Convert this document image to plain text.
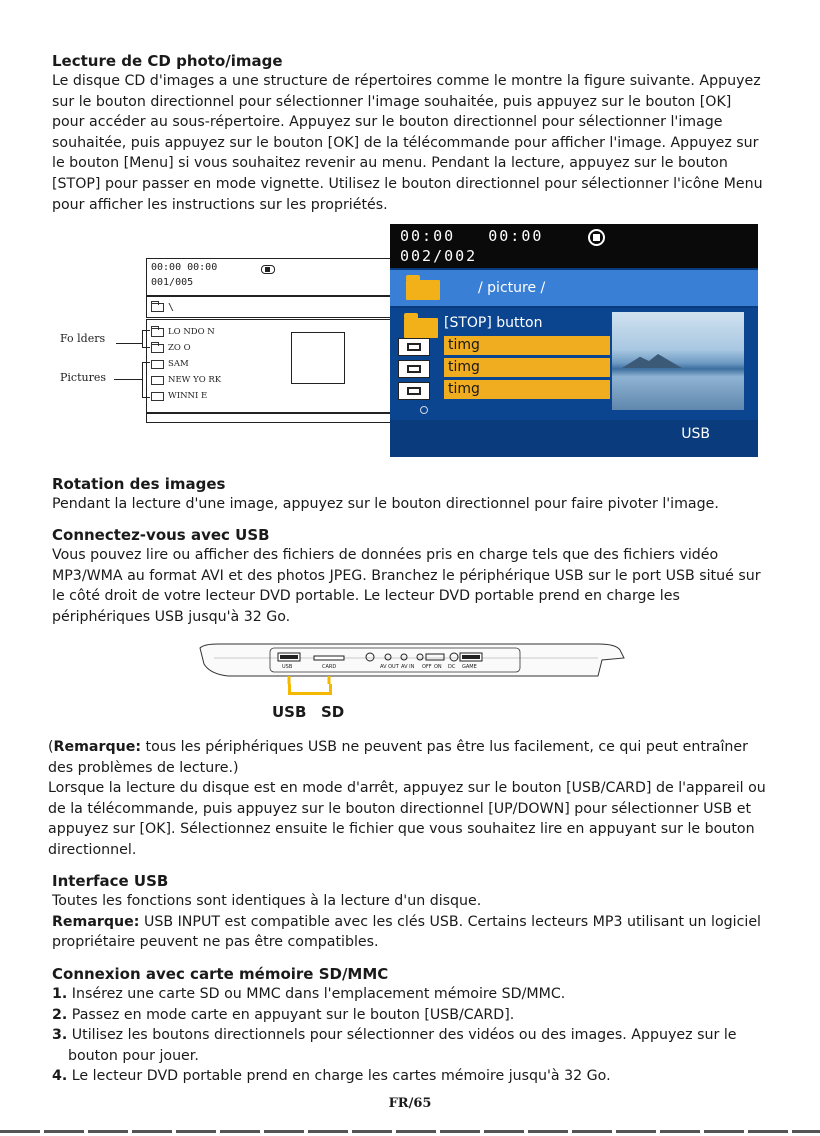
Lecture de CD photo/image

Le disque CD d'images a une structure de répertoires comme le montre la figure suivante. Appuyez sur le bouton directionnel pour sélectionner l'image souhaitée, puis appuyez sur le bouton [OK] pour accéder au sous-répertoire. Appuyez sur le bouton directionnel pour sélectionner l'image souhaitée, puis appuyez sur le bouton [OK] de la télécommande pour afficher l'image. Appuyez sur le bouton [Menu] si vous souhaitez revenir au menu. Pendant la lecture, appuyez sur le bouton [STOP] pour passer en mode vignette. Utilisez le bouton directionnel pour sélectionner l'icône Menu pour afficher les instructions sur les propriétés.

00:00 00:00
001/005
\
LO NDO N
ZO O
SAM
NEW YO RK
WINNI E
Fo lders
Pictures
00:00   00:00
002/002
/ picture /
[STOP] button
timg
timg
timg
USB
Rotation des images

Pendant la lecture d'une image, appuyez sur le bouton directionnel pour faire pivoter l'image.

Connectez-vous avec USB

Vous pouvez lire ou afficher des fichiers de données pris en charge tels que des fichiers vidéo MP3/WMA au format AVI et des photos JPEG. Branchez le périphérique USB sur le port USB situé sur le côté droit de votre lecteur DVD portable. Le lecteur DVD portable prend en charge les périphériques USB jusqu'à 32 Go.

USB	CARD	AV OUT AV IN OFF ON DC GAME
USB SD

(Remarque: tous les périphériques USB ne peuvent pas être lus facilement, ce qui peut entraîner des problèmes de lecture.)

Lorsque la lecture du disque est en mode d'arrêt, appuyez sur le bouton [USB/CARD] de l'appareil ou de la télécommande, puis appuyez sur le bouton directionnel [UP/DOWN] pour sélectionner USB et appuyez sur [OK]. Sélectionnez ensuite le fichier que vous souhaitez lire en appuyant sur le bouton directionnel.

Interface USB

Toutes les fonctions sont identiques à la lecture d'un disque.

Remarque: USB INPUT est compatible avec les clés USB. Certains lecteurs MP3 utilisant un logiciel propriétaire peuvent ne pas être compatibles.

Connexion avec carte mémoire SD/MMC
1. Insérez une carte SD ou MMC dans l'emplacement mémoire SD/MMC.
2. Passez en mode carte en appuyant sur le bouton [USB/CARD].
3. Utilisez les boutons directionnels pour sélectionner des vidéos ou des images. Appuyez sur le bouton pour jouer.
4. Le lecteur DVD portable prend en charge les cartes mémoire jusqu'à 32 Go.
FR/65
